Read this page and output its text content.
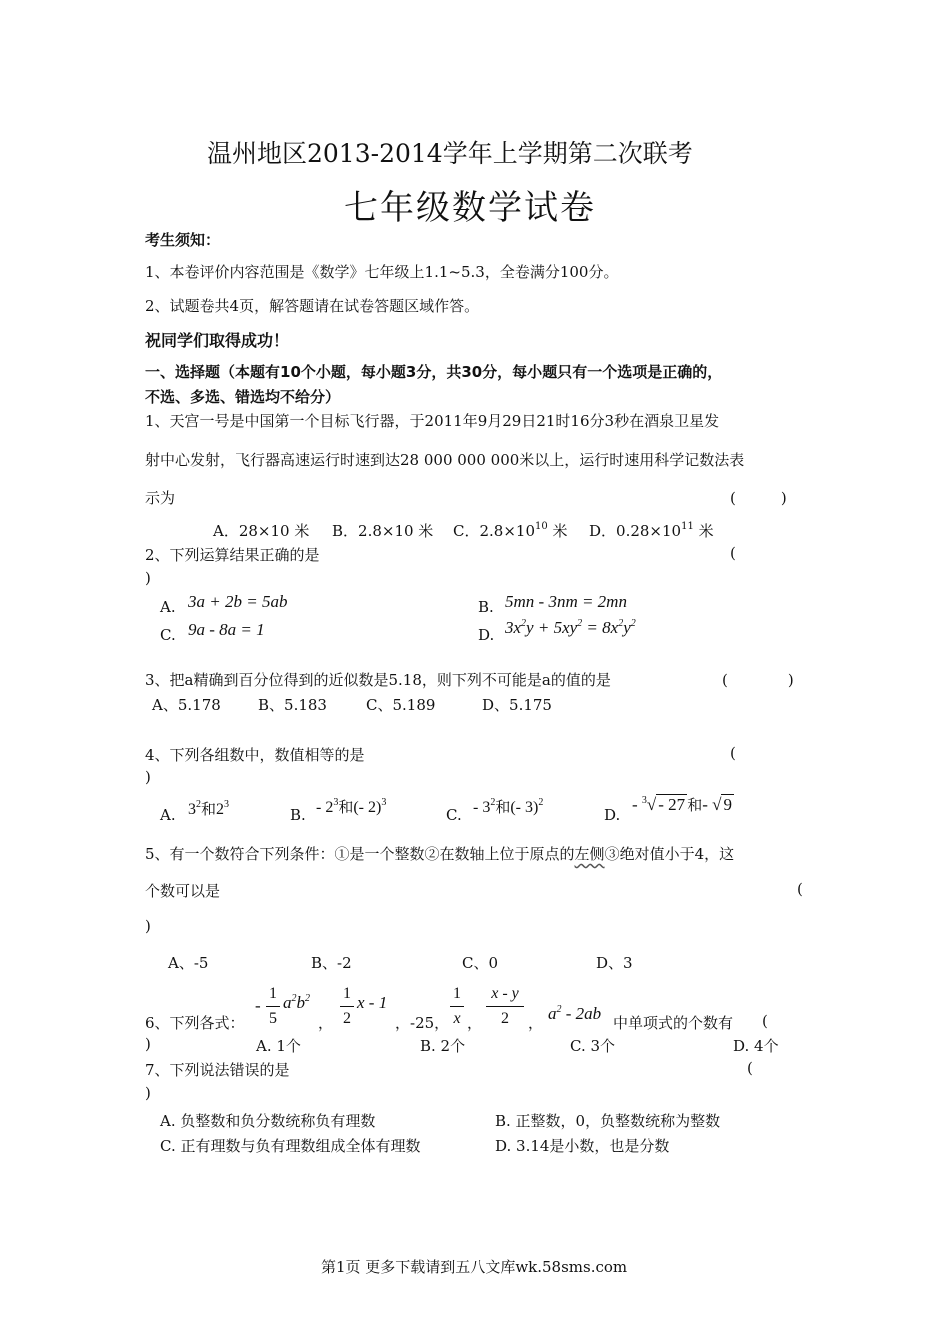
温州地区2013-2014学年上学期第二次联考
七年级数学试卷
考生须知：
1、本卷评价内容范围是《数学》七年级上1.1~5.3，全卷满分100分。
2、试题卷共4页，解答题请在试卷答题区域作答。
祝同学们取得成功！
一、选择题（本题有10个小题，每小题3分，共30分，每小题只有一个选项是正确的，
不选、多选、错选均不给分）
1、天宫一号是中国第一个目标飞行器，于2011年9月29日21时16分3秒在酒泉卫星发
射中心发射，飞行器高速运行时速到达28 000 000 000米以上，运行时速用科学记数法表
示为	(　　　)
A．28×10 米 B．2.8×10 米 C．$2.8\times 10^{10}$ 米 D．$0.28\times 10^{11}$ 米
2、下列运算结果正确的是	(
)
A. 3a + 2b = 5ab	B. 5mn - 3nm = 2mn
C. 9a - 8a = 1	D. $3x^2y + 5xy^2 = 8x^2y^2$
3、把a精确到百分位得到的近似数是5.18，则下列不可能是a的值的是	(　　　　)
A、5.178 B、5.183	C、5.189	D、5.175
4、下列各组数中，数值相等的是	(
)
A. $3^2$和$2^3$
B. - $2^3$和(- 2)$^3$
C. - $3^2$和(- 3)$^2$
D.
- $^3$√ - 27 和- √ 9
5、有一个数符合下列条件：①是一个整数②在数轴上位于原点的左侧③绝对值小于4，这
个数可以是	(
)
A、-5	B、-2	C、0	D、3
6、下列各式：
-
1
5
$a^2b^2$
，
1
2
x - 1
，-25，
1
x ，
x - y
2	， $a^2 - 2ab$ 中单项式的个数有 (
)	A. 1个	B. 2个	C. 3个	D. 4个
7、下列说法错误的是	(
)
A. 负整数和负分数统称负有理数	B. 正整数，0，负整数统称为整数
C. 正有理数与负有理数组成全体有理数	D. 3.14是小数，也是分数
第1页 更多下载请到五八文库wk.58sms.com
